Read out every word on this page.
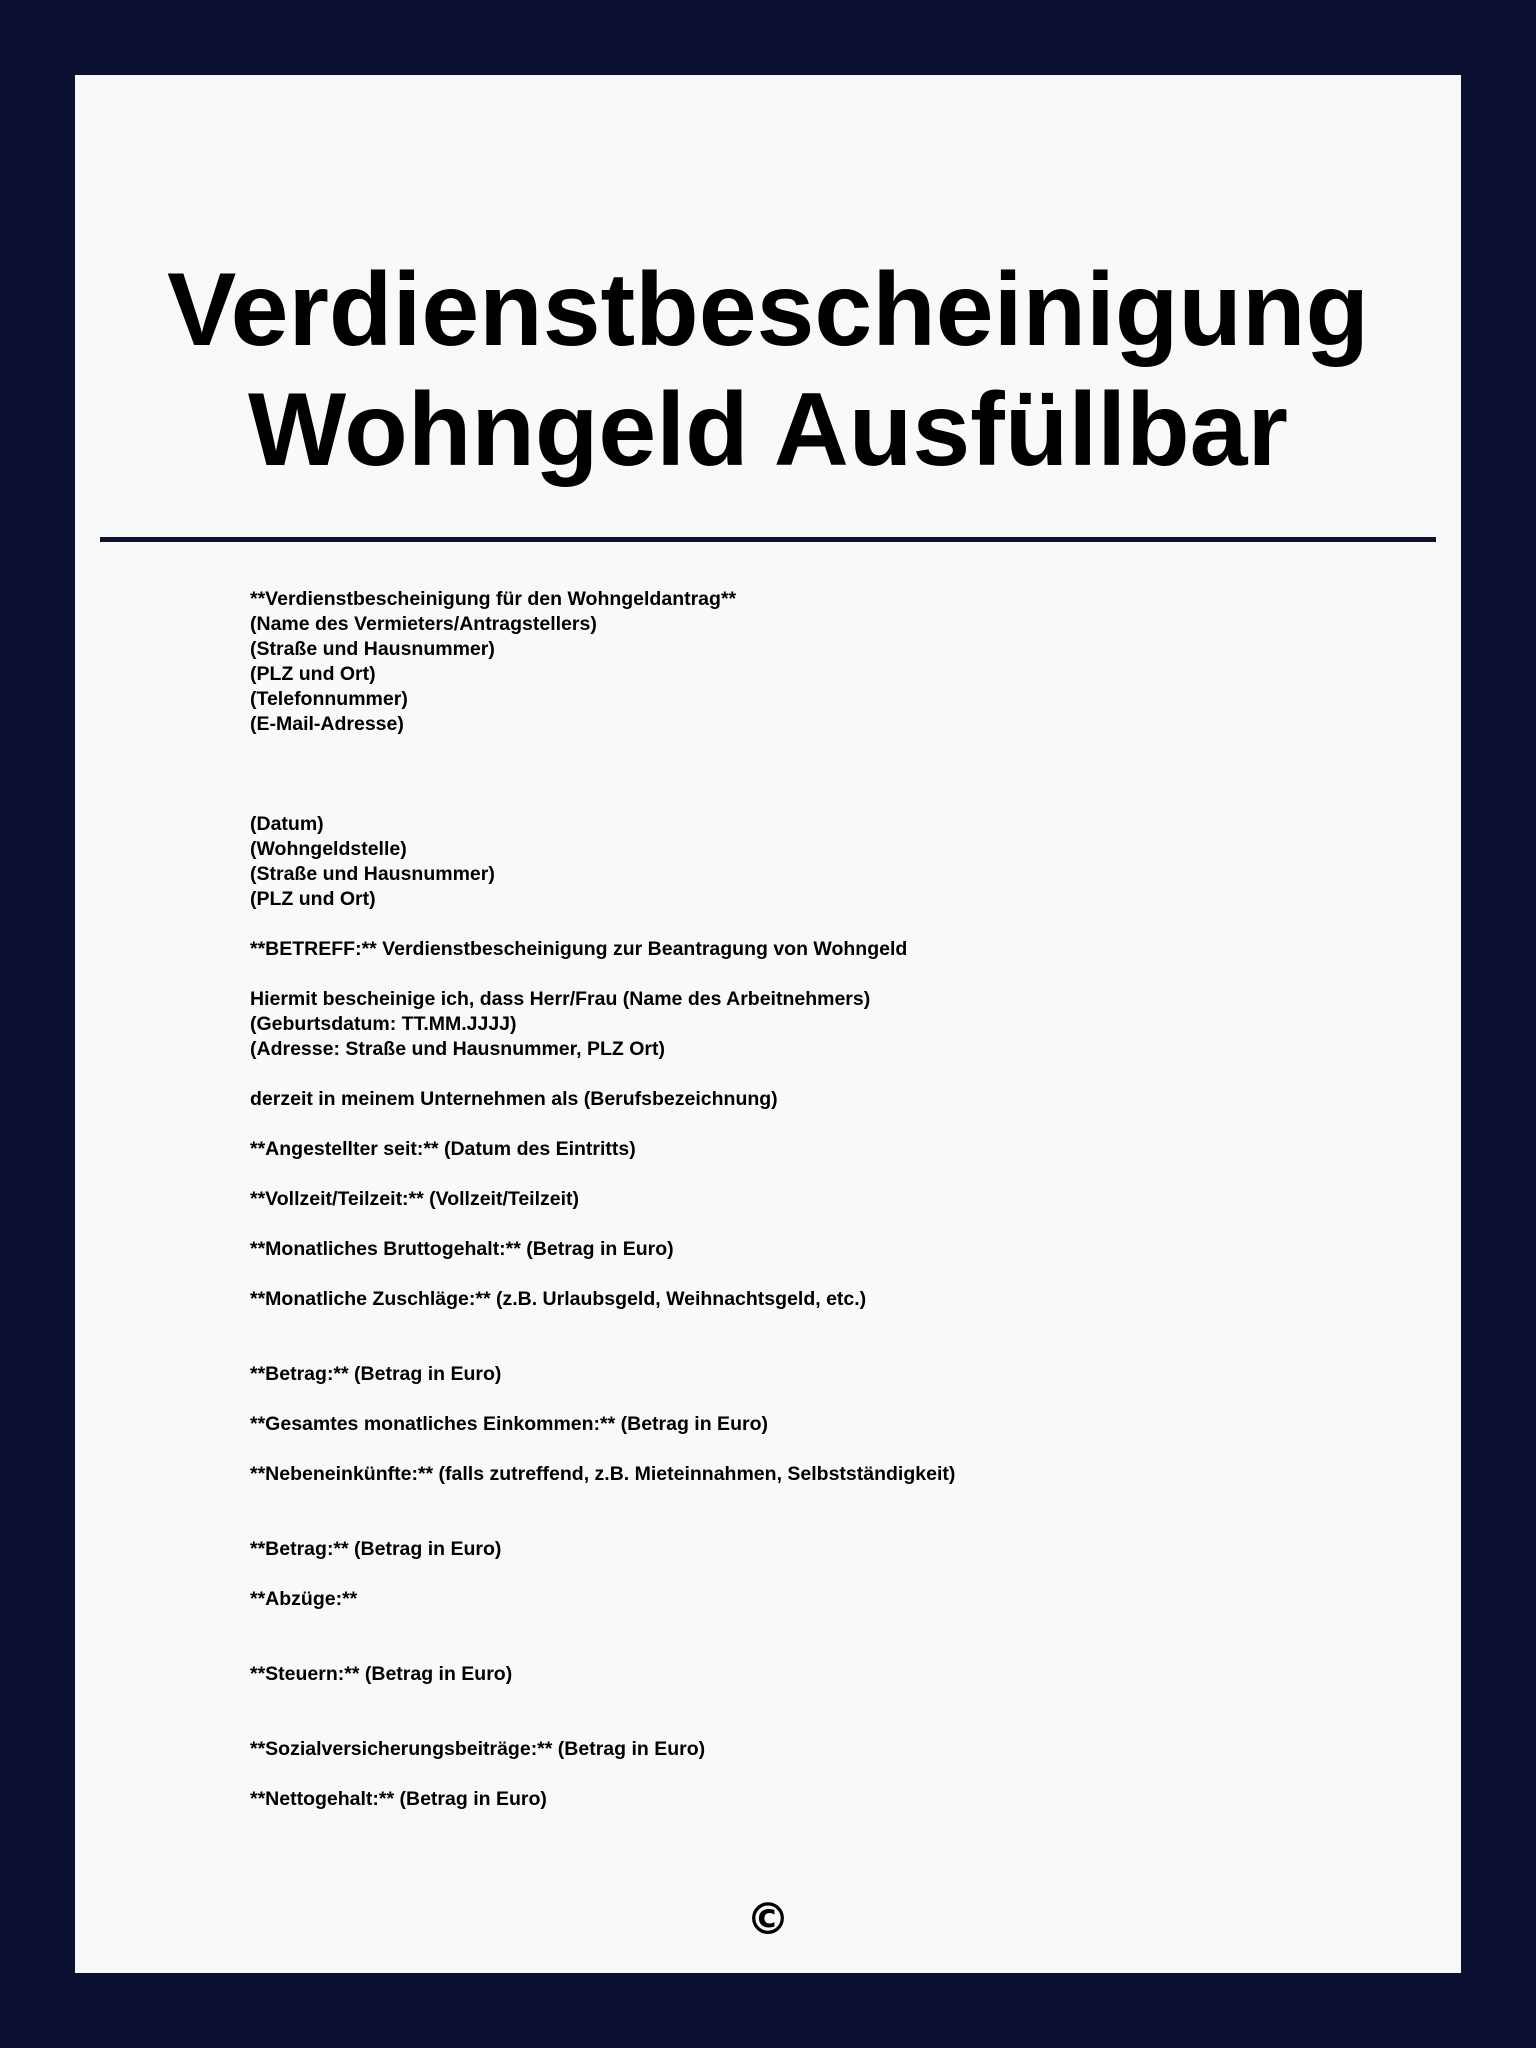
Verdienstbescheinigung
Wohngeld Ausfüllbar
**Verdienstbescheinigung für den Wohngeldantrag**
(Name des Vermieters/Antragstellers)
(Straße und Hausnummer)
(PLZ und Ort)
(Telefonnummer)
(E-Mail-Adresse)
(Datum)
(Wohngeldstelle)
(Straße und Hausnummer)
(PLZ und Ort)
**BETREFF:** Verdienstbescheinigung zur Beantragung von Wohngeld
Hiermit bescheinige ich, dass Herr/Frau (Name des Arbeitnehmers)
(Geburtsdatum: TT.MM.JJJJ)
(Adresse: Straße und Hausnummer, PLZ Ort)
derzeit in meinem Unternehmen als (Berufsbezeichnung)
**Angestellter seit:** (Datum des Eintritts)
**Vollzeit/Teilzeit:** (Vollzeit/Teilzeit)
**Monatliches Bruttogehalt:** (Betrag in Euro)
**Monatliche Zuschläge:** (z.B. Urlaubsgeld, Weihnachtsgeld, etc.)
**Betrag:** (Betrag in Euro)
**Gesamtes monatliches Einkommen:** (Betrag in Euro)
**Nebeneinkünfte:** (falls zutreffend, z.B. Mieteinnahmen, Selbstständigkeit)
**Betrag:** (Betrag in Euro)
**Abzüge:**
**Steuern:** (Betrag in Euro)
**Sozialversicherungsbeiträge:** (Betrag in Euro)
**Nettogehalt:** (Betrag in Euro)
©
